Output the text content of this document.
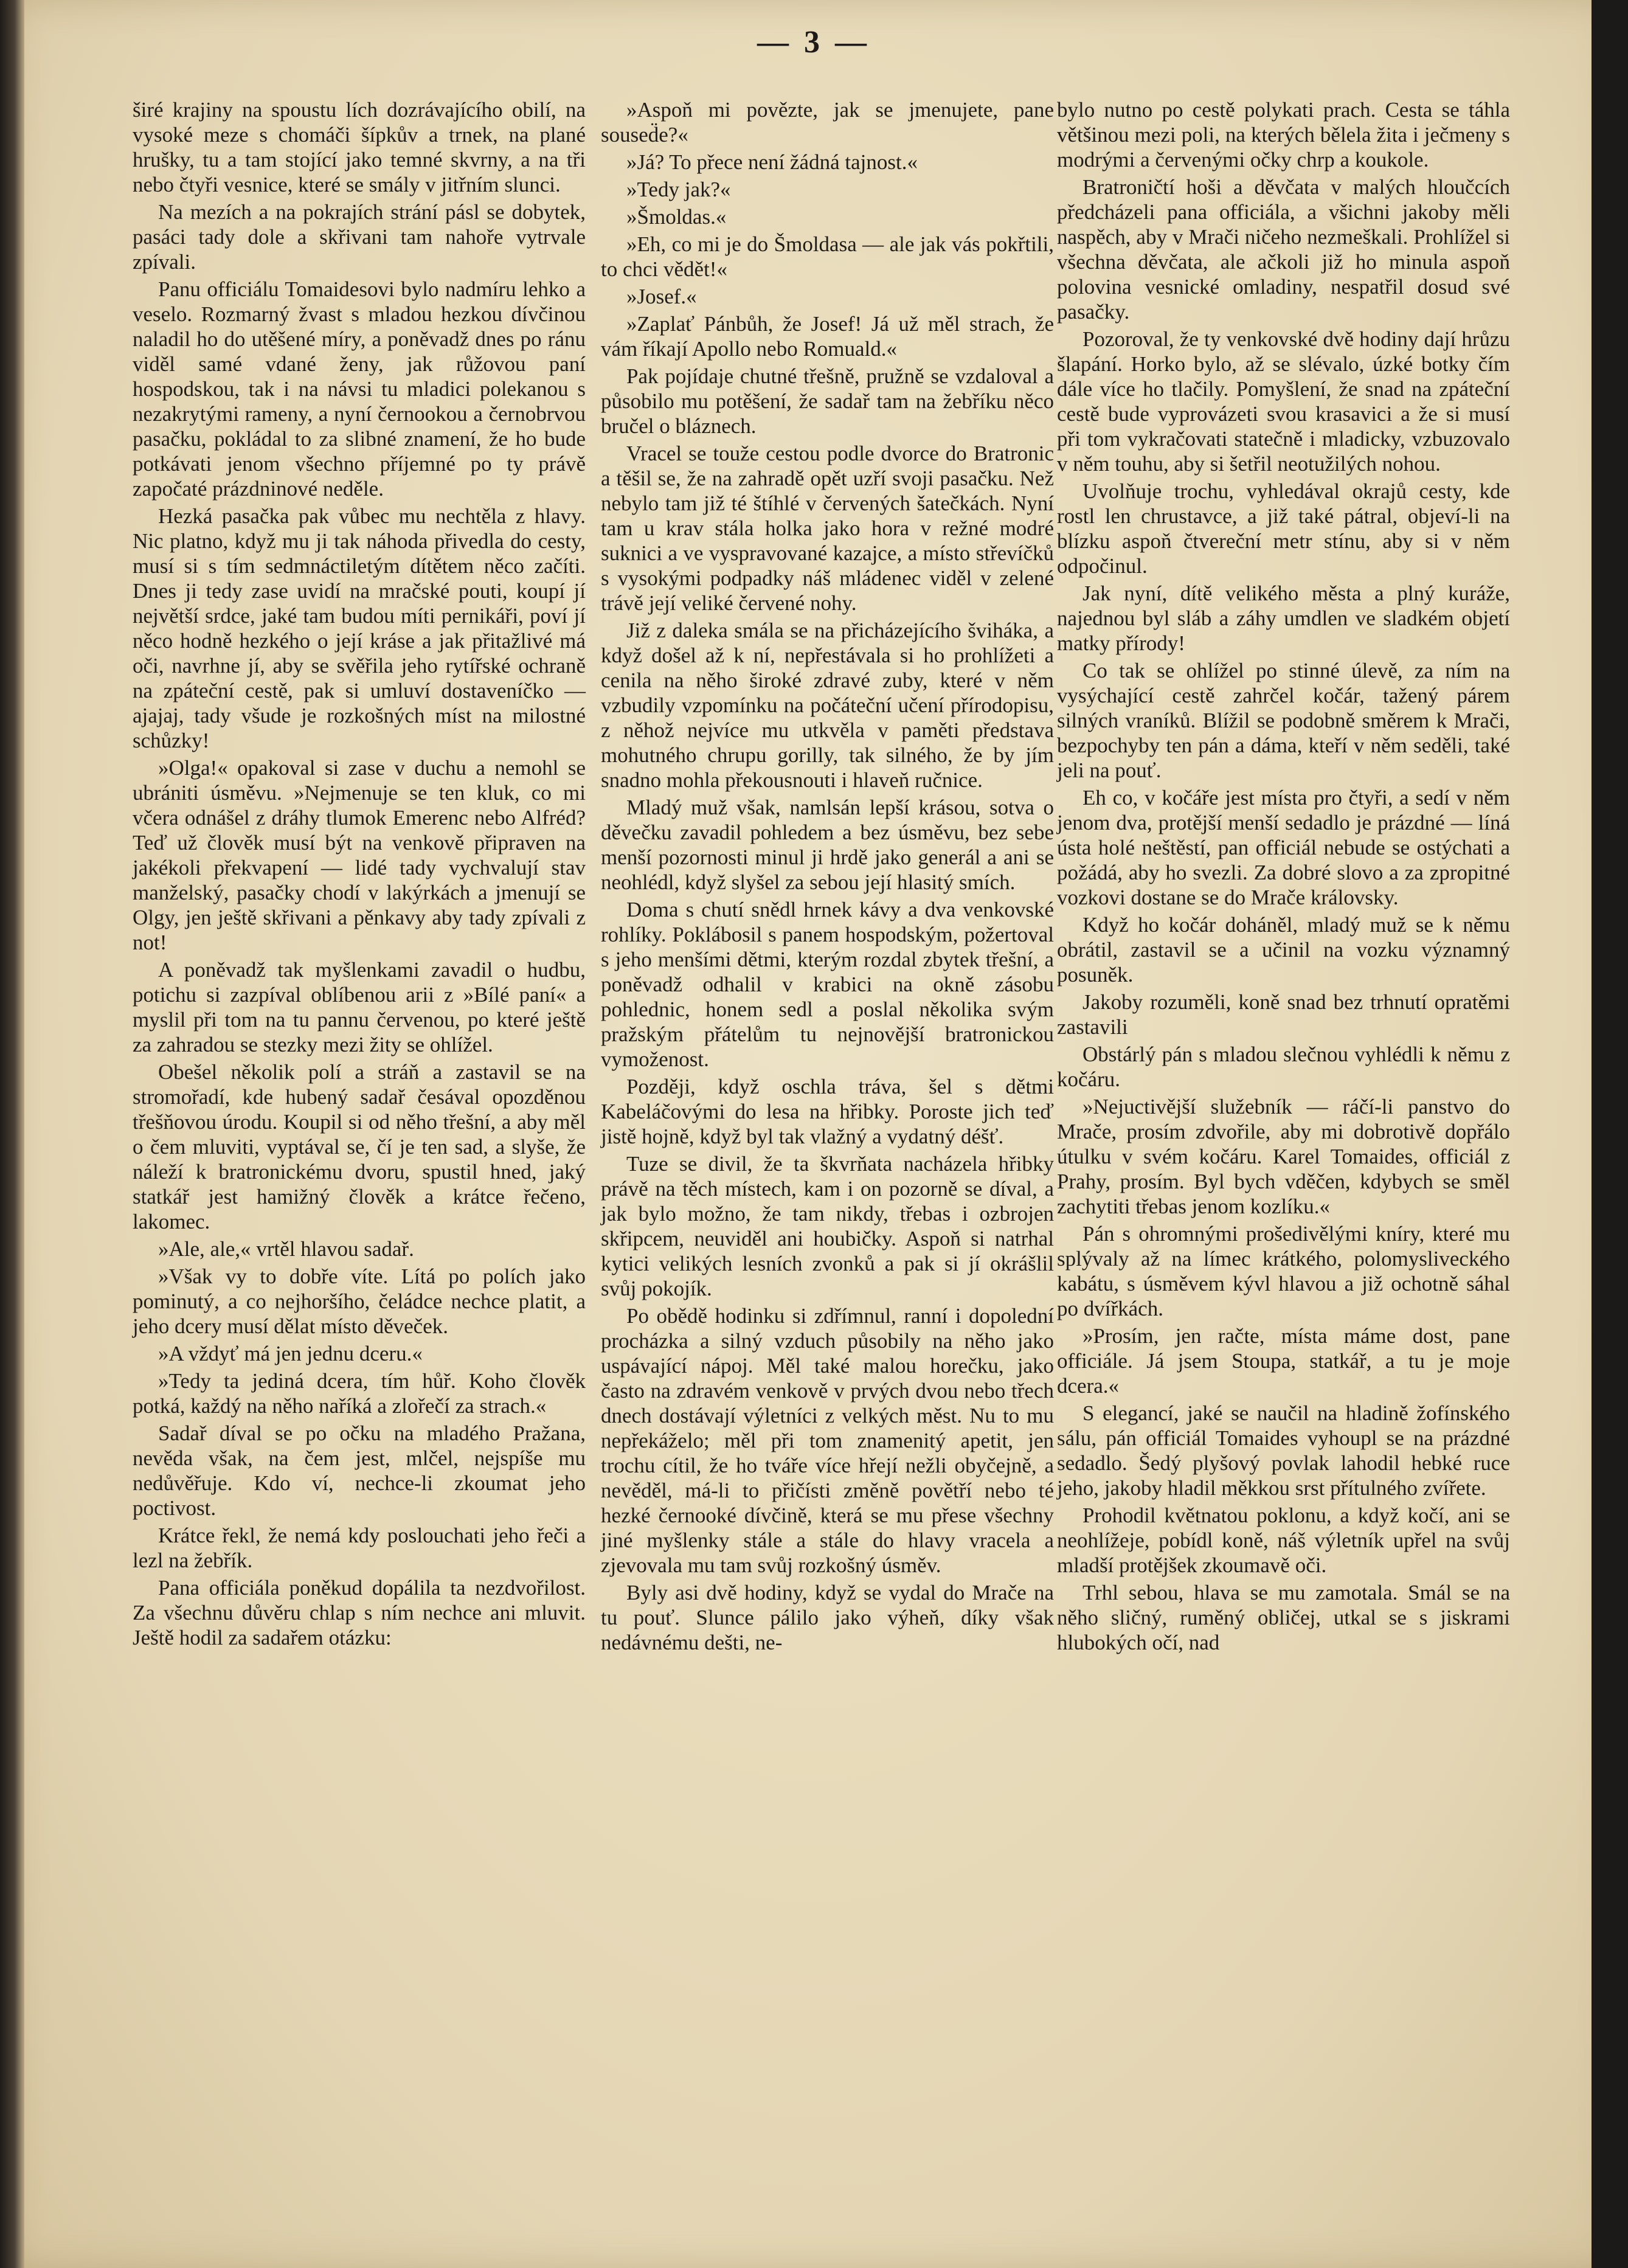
— 3 —

širé krajiny na spoustu lích dozrávajícího obilí, na vysoké meze s chomáči šípkův a trnek, na plané hrušky, tu a tam stojící jako temné skvrny, a na tři nebo čtyři vesnice, které se smály v jitřním slunci.

Na mezích a na pokrajích strání pásl se dobytek, pasáci tady dole a skřivani tam nahoře vytrvale zpívali.

Panu officiálu Tomaidesovi bylo nadmíru lehko a veselo. Rozmarný žvast s mladou hezkou dívčinou naladil ho do utěšené míry, a poněvadž dnes po ránu viděl samé vdané ženy, jak růžovou paní hospodskou, tak i na návsi tu mladici polekanou s nezakrytými rameny, a nyní černookou a černobrvou pasačku, pokládal to za slibné znamení, že ho bude potkávati jenom všechno příjemné po ty právě započaté prázdninové neděle.

Hezká pasačka pak vůbec mu nechtěla z hlavy. Nic platno, když mu ji tak náhoda přivedla do cesty, musí si s tím sedmnáctiletým dítětem něco začíti. Dnes ji tedy zase uvidí na mračské pouti, koupí jí největší srdce, jaké tam budou míti pernikáři, poví jí něco hodně hezkého o její kráse a jak přitažlivé má oči, navrhne jí, aby se svěřila jeho rytířské ochraně na zpáteční cestě, pak si umluví dostaveníčko — ajajaj, tady všude je rozkošných míst na milostné schůzky!

»Olga!« opakoval si zase v duchu a nemohl se ubrániti úsměvu. »Nejmenuje se ten kluk, co mi včera odnášel z dráhy tlumok Emerenc nebo Alfréd? Teď už člověk musí být na venkově připraven na jakékoli překvapení — lidé tady vychvalují stav manželský, pasačky chodí v lakýrkách a jmenují se Olgy, jen ještě skřivani a pěnkavy aby tady zpívali z not!

A poněvadž tak myšlenkami zavadil o hudbu, potichu si zazpíval oblíbenou arii z »Bílé paní« a myslil při tom na tu pannu červenou, po které ještě za zahradou se stezky mezi žity se ohlížel.

Obešel několik polí a stráň a zastavil se na stromořadí, kde hubený sadař česával opozděnou třešňovou úrodu. Koupil si od něho třešní, a aby měl o čem mluviti, vyptával se, čí je ten sad, a slyše, že náleží k bratronickému dvoru, spustil hned, jaký statkář jest hamižný člověk a krátce řečeno, lakomec.

»Ale, ale,« vrtěl hlavou sadař.

»Však vy to dobře víte. Lítá po polích jako pominutý, a co nejhoršího, čeládce nechce platit, a jeho dcery musí dělat místo děveček.

»A vždyť má jen jednu dceru.«

»Tedy ta jediná dcera, tím hůř. Koho člověk potká, každý na něho naříká a zlořečí za strach.«

Sadař díval se po očku na mladého Pražana, nevěda však, na čem jest, mlčel, nejspíše mu nedůvěřuje. Kdo ví, nechce-li zkoumat jeho poctivost.

Krátce řekl, že nemá kdy poslouchati jeho řeči a lezl na žebřík.

Pana officiála poněkud dopálila ta nezdvořilost. Za všechnu důvěru chlap s ním nechce ani mluvit. Ještě hodil za sadařem otázku:

»Aspoň mi povězte, jak se jmenujete, pane soused̈e?«

»Já? To přece není žádná tajnost.«

»Tedy jak?«

»Šmoldas.«

»Eh, co mi je do Šmoldasa — ale jak vás pokřtili, to chci vědět!«

»Josef.«

»Zaplať Pánbůh, že Josef! Já už měl strach, že vám říkají Apollo nebo Romuald.«

Pak pojídaje chutné třešně, pružně se vzdaloval a působilo mu potěšení, že sadař tam na žebříku něco bručel o bláznech.

Vracel se touže cestou podle dvorce do Bratronic a těšil se, že na zahradě opět uzří svoji pasačku. Než nebylo tam již té štíhlé v červených šatečkách. Nyní tam u krav stála holka jako hora v režné modré suknici a ve vyspravované kazajce, a místo střevíčků s vysokými podpadky náš mládenec viděl v zelené trávě její veliké červené nohy.

Již z daleka smála se na přicházejícího šviháka, a když došel až k ní, nepřestávala si ho prohlížeti a cenila na něho široké zdravé zuby, které v něm vzbudily vzpomínku na počáteční učení přírodopisu, z něhož nejvíce mu utkvěla v paměti představa mohutného chrupu gorilly, tak silného, že by jím snadno mohla překousnouti i hlaveň ručnice.

Mladý muž však, namlsán lepší krásou, sotva o děvečku zavadil pohledem a bez úsměvu, bez sebe menší pozornosti minul ji hrdě jako generál a ani se neohlédl, když slyšel za sebou její hlasitý smích.

Doma s chutí snědl hrnek kávy a dva venkovské rohlíky. Poklábosil s panem hospodským, požertoval s jeho menšími dětmi, kterým rozdal zbytek třešní, a poněvadž odhalil v krabici na okně zásobu pohlednic, honem sedl a poslal několika svým pražským přátelům tu nejnovější bratronickou vymoženost.

Později, když oschla tráva, šel s dětmi Kabeláčovými do lesa na hřibky. Poroste jich teď jistě hojně, když byl tak vlažný a vydatný déšť.

Tuze se divil, že ta škvrňata nacházela hřibky právě na těch místech, kam i on pozorně se díval, a jak bylo možno, že tam nikdy, třebas i ozbrojen skřipcem, neuviděl ani houbičky. Aspoň si natrhal kytici velikých lesních zvonků a pak si jí okrášlil svůj pokojík.

Po obědě hodinku si zdřímnul, ranní i dopolední procházka a silný vzduch působily na něho jako uspávající nápoj. Měl také malou horečku, jako často na zdravém venkově v prvých dvou nebo třech dnech dostávají výletníci z velkých měst. Nu to mu nepřekáželo; měl při tom znamenitý apetit, jen trochu cítil, že ho tváře více hřejí nežli obyčejně, a nevěděl, má-li to přičísti změně povětří nebo té hezké černooké dívčině, která se mu přese všechny jiné myšlenky stále a stále do hlavy vracela a zjevovala mu tam svůj rozkošný úsměv.

Byly asi dvě hodiny, když se vydal do Mrače na tu pouť. Slunce pálilo jako výheň, díky však nedávnému dešti, ne-

bylo nutno po cestě polykati prach. Cesta se táhla většinou mezi poli, na kterých bělela žita i ječmeny s modrými a červenými očky chrp a koukole.

Bratroničtí hoši a děvčata v malých hloučcích předcházeli pana officiála, a všichni jakoby měli naspěch, aby v Mrači ničeho nezmeškali. Prohlížel si všechna děvčata, ale ačkoli již ho minula aspoň polovina vesnické omladiny, nespatřil dosud své pasačky.

Pozoroval, že ty venkovské dvě hodiny dají hrůzu šlapání. Horko bylo, až se slévalo, úzké botky čím dále více ho tlačily. Pomyšlení, že snad na zpáteční cestě bude vyprovázeti svou krasavici a že si musí při tom vykračovati statečně i mladicky, vzbuzovalo v něm touhu, aby si šetřil neotužilých nohou.

Uvolňuje trochu, vyhledával okrajů cesty, kde rostl len chrustavce, a již také pátral, objeví-li na blízku aspoň čtvereční metr stínu, aby si v něm odpočinul.

Jak nyní, dítě velikého města a plný kuráže, najednou byl sláb a záhy umdlen ve sladkém objetí matky přírody!

Co tak se ohlížel po stinné úlevě, za ním na vysýchající cestě zahrčel kočár, tažený párem silných vraníků. Blížil se podobně směrem k Mrači, bezpochyby ten pán a dáma, kteří v něm seděli, také jeli na pouť.

Eh co, v kočáře jest místa pro čtyři, a sedí v něm jenom dva, protější menší sedadlo je prázdné — líná ústa holé neštěstí, pan officiál nebude se ostýchati a požádá, aby ho svezli. Za dobré slovo a za zpropitné vozkovi dostane se do Mrače královsky.

Když ho kočár doháněl, mladý muž se k němu obrátil, zastavil se a učinil na vozku významný posuněk.

Jakoby rozuměli, koně snad bez trhnutí opratěmi zastavili

Obstárlý pán s mladou slečnou vyhlédli k němu z kočáru.

»Nejuctivější služebník — ráčí-li panstvo do Mrače, prosím zdvořile, aby mi dobrotivě dopřálo útulku v svém kočáru. Karel Tomaides, officiál z Prahy, prosím. Byl bych vděčen, kdybych se směl zachytiti třebas jenom kozlíku.«

Pán s ohromnými prošedivělými kníry, které mu splývaly až na límec krátkého, polomysliveckého kabátu, s úsměvem kývl hlavou a již ochotně sáhal po dvířkách.

»Prosím, jen račte, místa máme dost, pane officiále. Já jsem Stoupa, statkář, a tu je moje dcera.«

S elegancí, jaké se naučil na hladině žofínského sálu, pán officiál Tomaides vyhoupl se na prázdné sedadlo. Šedý plyšový povlak lahodil hebké ruce jeho, jakoby hladil měkkou srst přítulného zvířete.

Prohodil květnatou poklonu, a když kočí, ani se neohlížeje, pobídl koně, náš výletník upřel na svůj mladší protějšek zkoumavě oči.

Trhl sebou, hlava se mu zamotala. Smál se na něho sličný, ruměný obličej, utkal se s jiskrami hlubokých očí, nad
